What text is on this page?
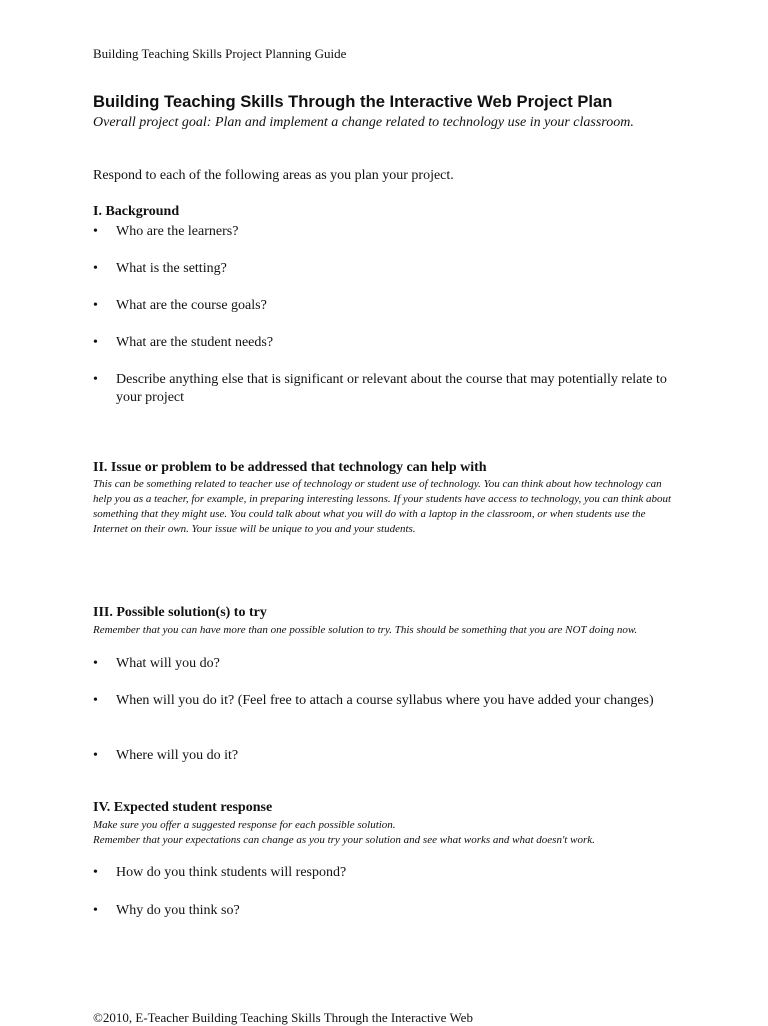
Building Teaching Skills Project Planning Guide
Building Teaching Skills Through the Interactive Web Project Plan
Overall project goal: Plan and implement a change related to technology use in your classroom.
Respond to each of the following areas as you plan your project.
I. Background
•	Who are the learners?
•	What is the setting?
•	What are the course goals?
•	What are the student needs?
•	Describe anything else that is significant or relevant about the course that may potentially relate to your project
II. Issue or problem to be addressed that technology can help with
This can be something related to teacher use of technology or student use of technology. You can think about how technology can help you as a teacher, for example, in preparing interesting lessons. If your students have access to technology, you can think about something that they might use. You could talk about what you will do with a laptop in the classroom, or when students use the Internet on their own. Your issue will be unique to you and your students.
III. Possible solution(s) to try
Remember that you can have more than one possible solution to try. This should be something that you are NOT doing now.
•	What will you do?
•	When will you do it? (Feel free to attach a course syllabus where you have added your changes)
•	Where will you do it?
IV. Expected student response
Make sure you offer a suggested response for each possible solution.
Remember that your expectations can change as you try your solution and see what works and what doesn't work.
•	How do you think students will respond?
•	Why do you think so?
©2010, E-Teacher Building Teaching Skills Through the Interactive Web
